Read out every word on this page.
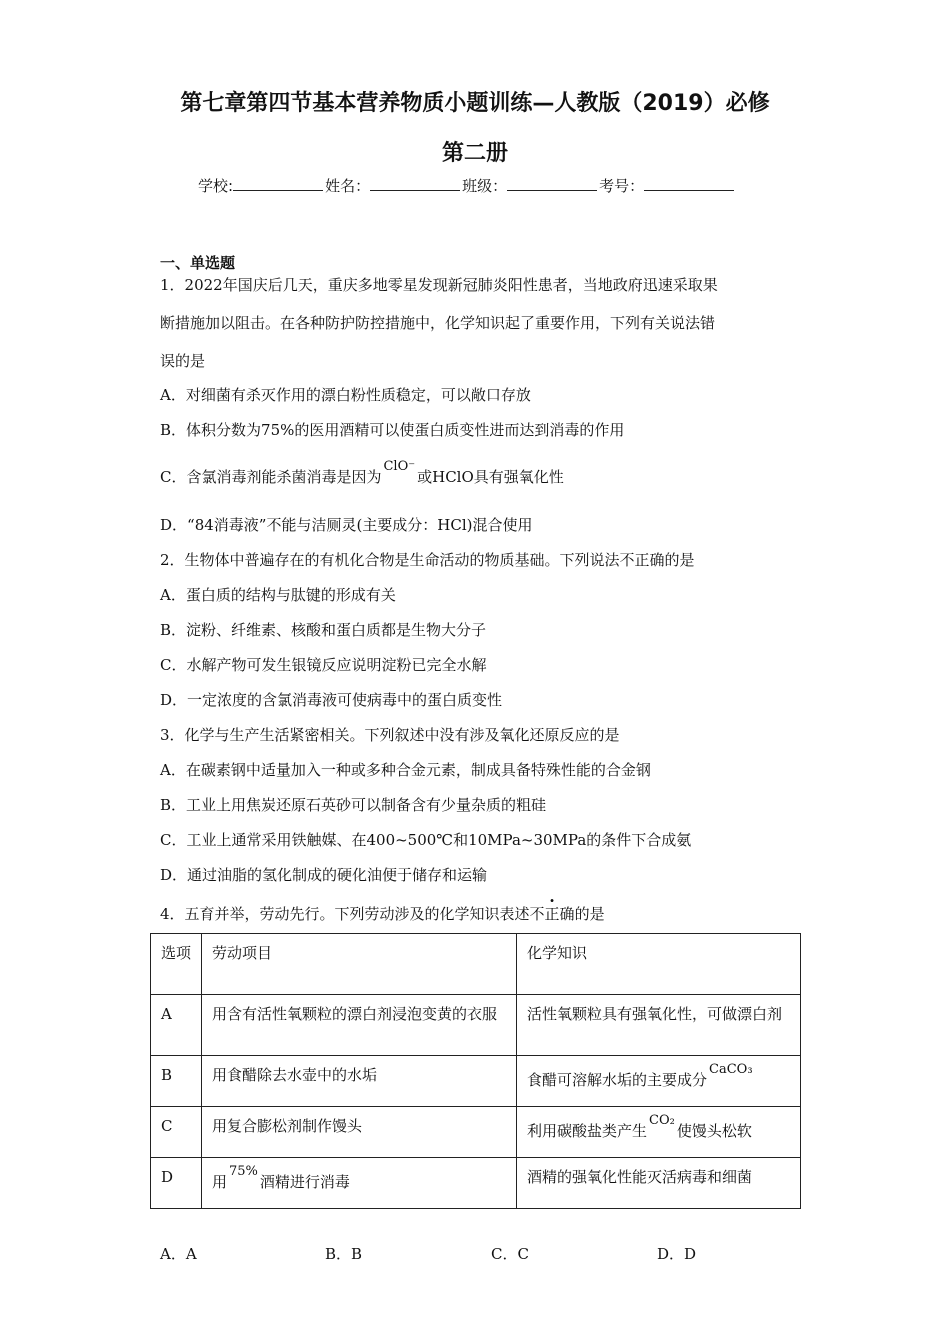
第七章第四节基本营养物质小题训练—人教版（2019）必修
第二册
学校:	姓名：	班级：	考号：
一、单选题
1．2022年国庆后几天，重庆多地零星发现新冠肺炎阳性患者，当地政府迅速采取果
断措施加以阻击。在各种防护防控措施中，化学知识起了重要作用，下列有关说法错
误的是
A．对细菌有杀灭作用的漂白粉性质稳定，可以敞口存放
B．体积分数为75%的医用酒精可以使蛋白质变性进而达到消毒的作用
C．含氯消毒剂能杀菌消毒是因为ClO⁻或HClO具有强氧化性
D．“84消毒液”不能与洁厕灵(主要成分：HCl)混合使用
2．生物体中普遍存在的有机化合物是生命活动的物质基础。下列说法不正确的是
A．蛋白质的结构与肽键的形成有关
B．淀粉、纤维素、核酸和蛋白质都是生物大分子
C．水解产物可发生银镜反应说明淀粉已完全水解
D．一定浓度的含氯消毒液可使病毒中的蛋白质变性
3．化学与生产生活紧密相关。下列叙述中没有涉及氧化还原反应的是
A．在碳素钢中适量加入一种或多种合金元素，制成具备特殊性能的合金钢
B．工业上用焦炭还原石英砂可以制备含有少量杂质的粗硅
C．工业上通常采用铁触媒、在400~500℃和10MPa~30MPa的条件下合成氨
D．通过油脂的氢化制成的硬化油便于储存和运输
4．五育并举，劳动先行。下列劳动涉及的化学知识表述不正确的是
选项	劳动项目	化学知识
A	用含有活性氧颗粒的漂白剂浸泡变黄的衣服	活性氧颗粒具有强氧化性，可做漂白剂
B	用食醋除去水壶中的水垢	食醋可溶解水垢的主要成分CaCO₃
C	用复合膨松剂制作馒头	利用碳酸盐类产生CO₂使馒头松软
D	用75%酒精进行消毒	酒精的强氧化性能灭活病毒和细菌
A．A	B．B	C．C	D．D
